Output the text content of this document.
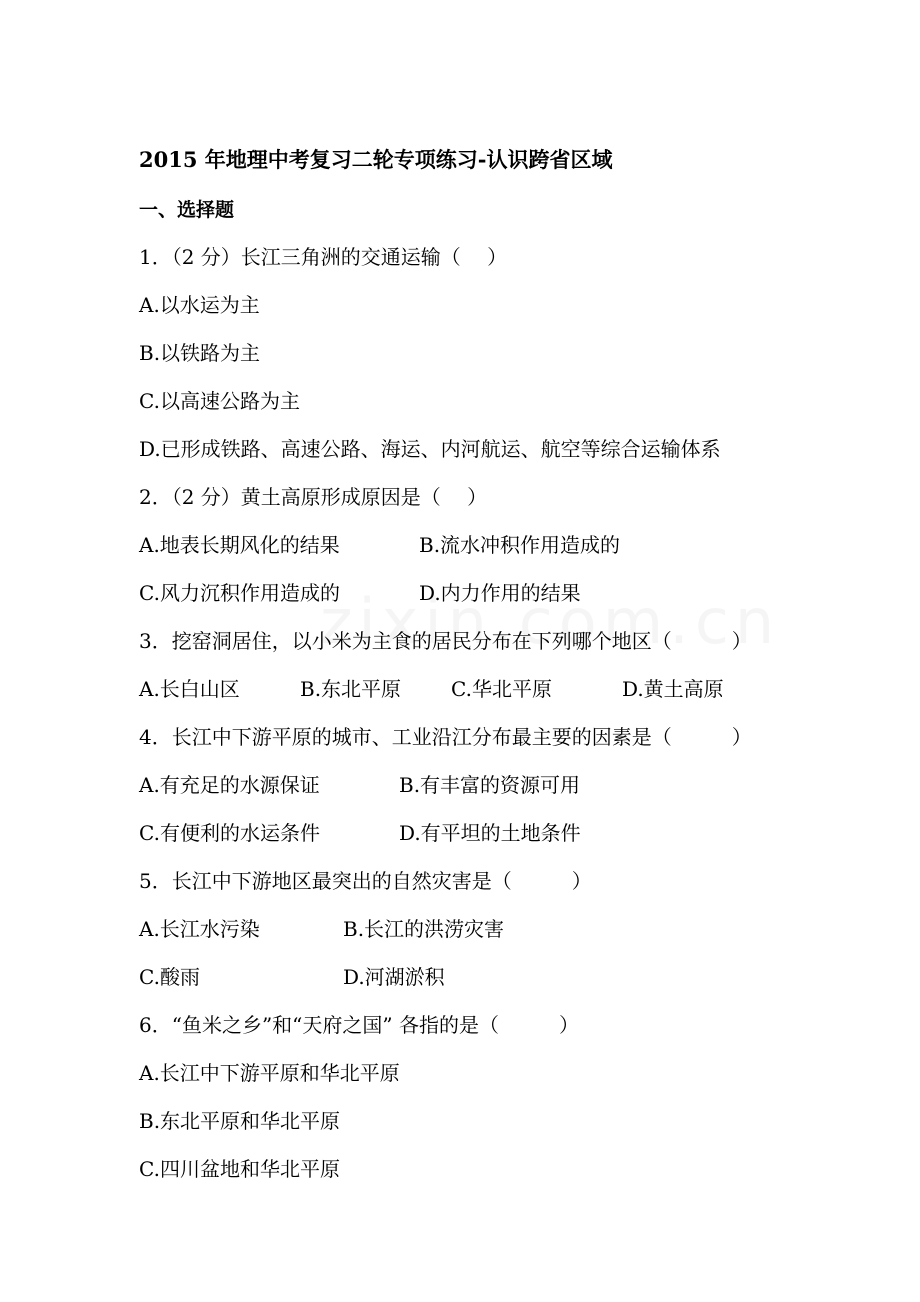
2015 年地理中考复习二轮专项练习-认识跨省区域
一、选择题
1．（2 分）长江三角洲的交通运输（　 ）
A.以水运为主
B.以铁路为主
C.以高速公路为主
D.已形成铁路、高速公路、海运、内河航运、航空等综合运输体系
2．（2 分）黄土高原形成原因是（　 ）
A.地表长期风化的结果	B.流水冲积作用造成的
C.风力沉积作用造成的	D.内力作用的结果
3．挖窑洞居住，以小米为主食的居民分布在下列哪个地区（　　　）
A.长白山区	B.东北平原 C.华北平原	D.黄土高原
4．长江中下游平原的城市、工业沿江分布最主要的因素是（　　　）
A.有充足的水源保证	B.有丰富的资源可用
C.有便利的水运条件	D.有平坦的土地条件
5．长江中下游地区最突出的自然灾害是（　　　）
A.长江水污染	B.长江的洪涝灾害
C.酸雨	D.河湖淤积
6．“鱼米之乡”和“天府之国” 各指的是（　　　）
A.长江中下游平原和华北平原
B.东北平原和华北平原
C.四川盆地和华北平原
